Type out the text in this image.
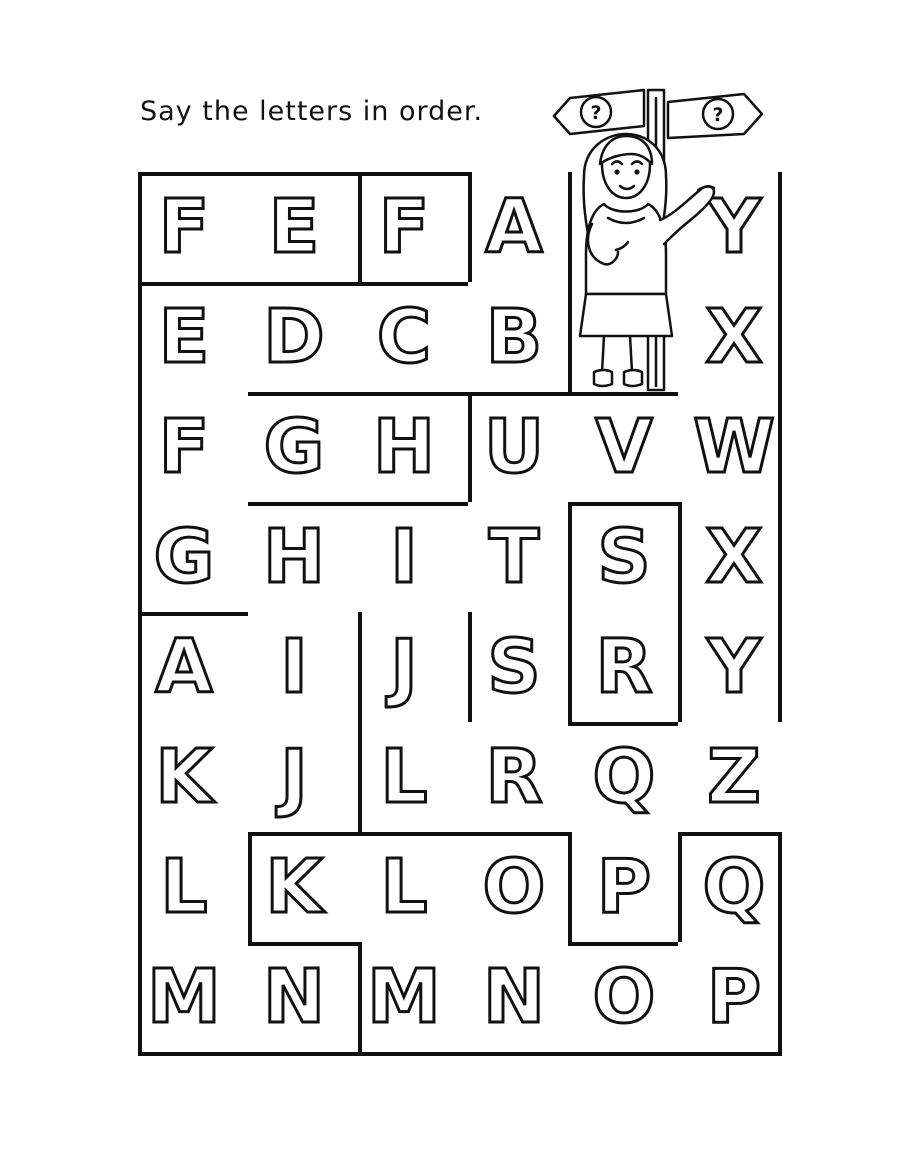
Say the letters in order.
F E F A Y
E D C B X
F G H U V W
G H I T S X
A I J S R Y
K J L R Q Z
L K L O P Q
M N M N O P
?	?
